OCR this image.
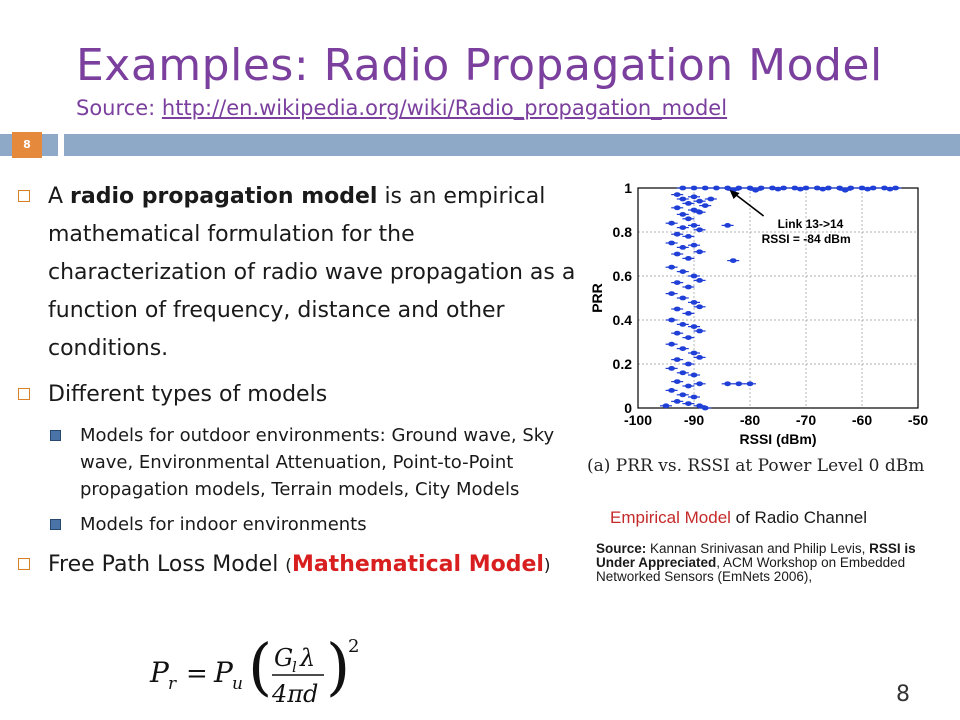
Examples: Radio Propagation Model
Source: http://en.wikipedia.org/wiki/Radio_propagation_model
8
A radio propagation model is an empirical mathematical formulation for the characterization of radio wave propagation as a function of frequency, distance and other conditions.
Different types of models
Models for outdoor environments: Ground wave, Sky wave, Environmental Attenuation, Point-to-Point propagation models, Terrain models, City Models
Models for indoor environments
Free Path Loss Model (Mathematical Model)
P r = P u ( G
l λ
4πd )
2
-100 -90	-80	-70	-60	-50
0
0.2
0.4
0.6
0.8
1
Link 13->14
RSSI = -84 dBm
RSSI (dBm)
PRR
(a) PRR vs. RSSI at Power Level 0 dBm
Empirical Model of Radio Channel
Source: Kannan Srinivasan and Philip Levis, RSSI is Under Appreciated, ACM Workshop on Embedded Networked Sensors (EmNets 2006),
8
